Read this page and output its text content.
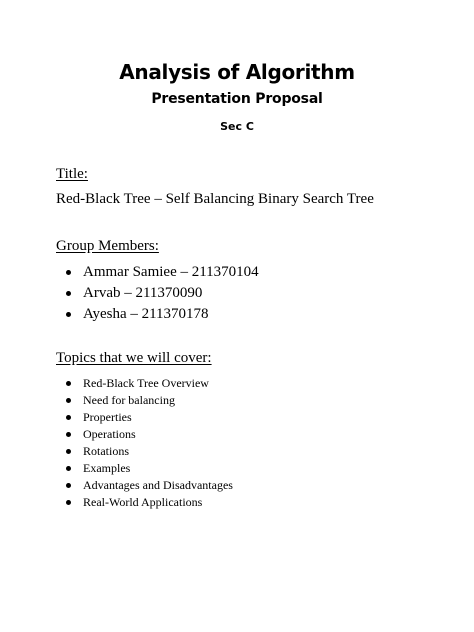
Analysis of Algorithm
Presentation Proposal
Sec C
Title:
Red-Black Tree – Self Balancing Binary Search Tree
Group Members:
Ammar Samiee – 211370104
Arvab – 211370090
Ayesha – 211370178
Topics that we will cover:
Red-Black Tree Overview
Need for balancing
Properties
Operations
Rotations
Examples
Advantages and Disadvantages
Real-World Applications
